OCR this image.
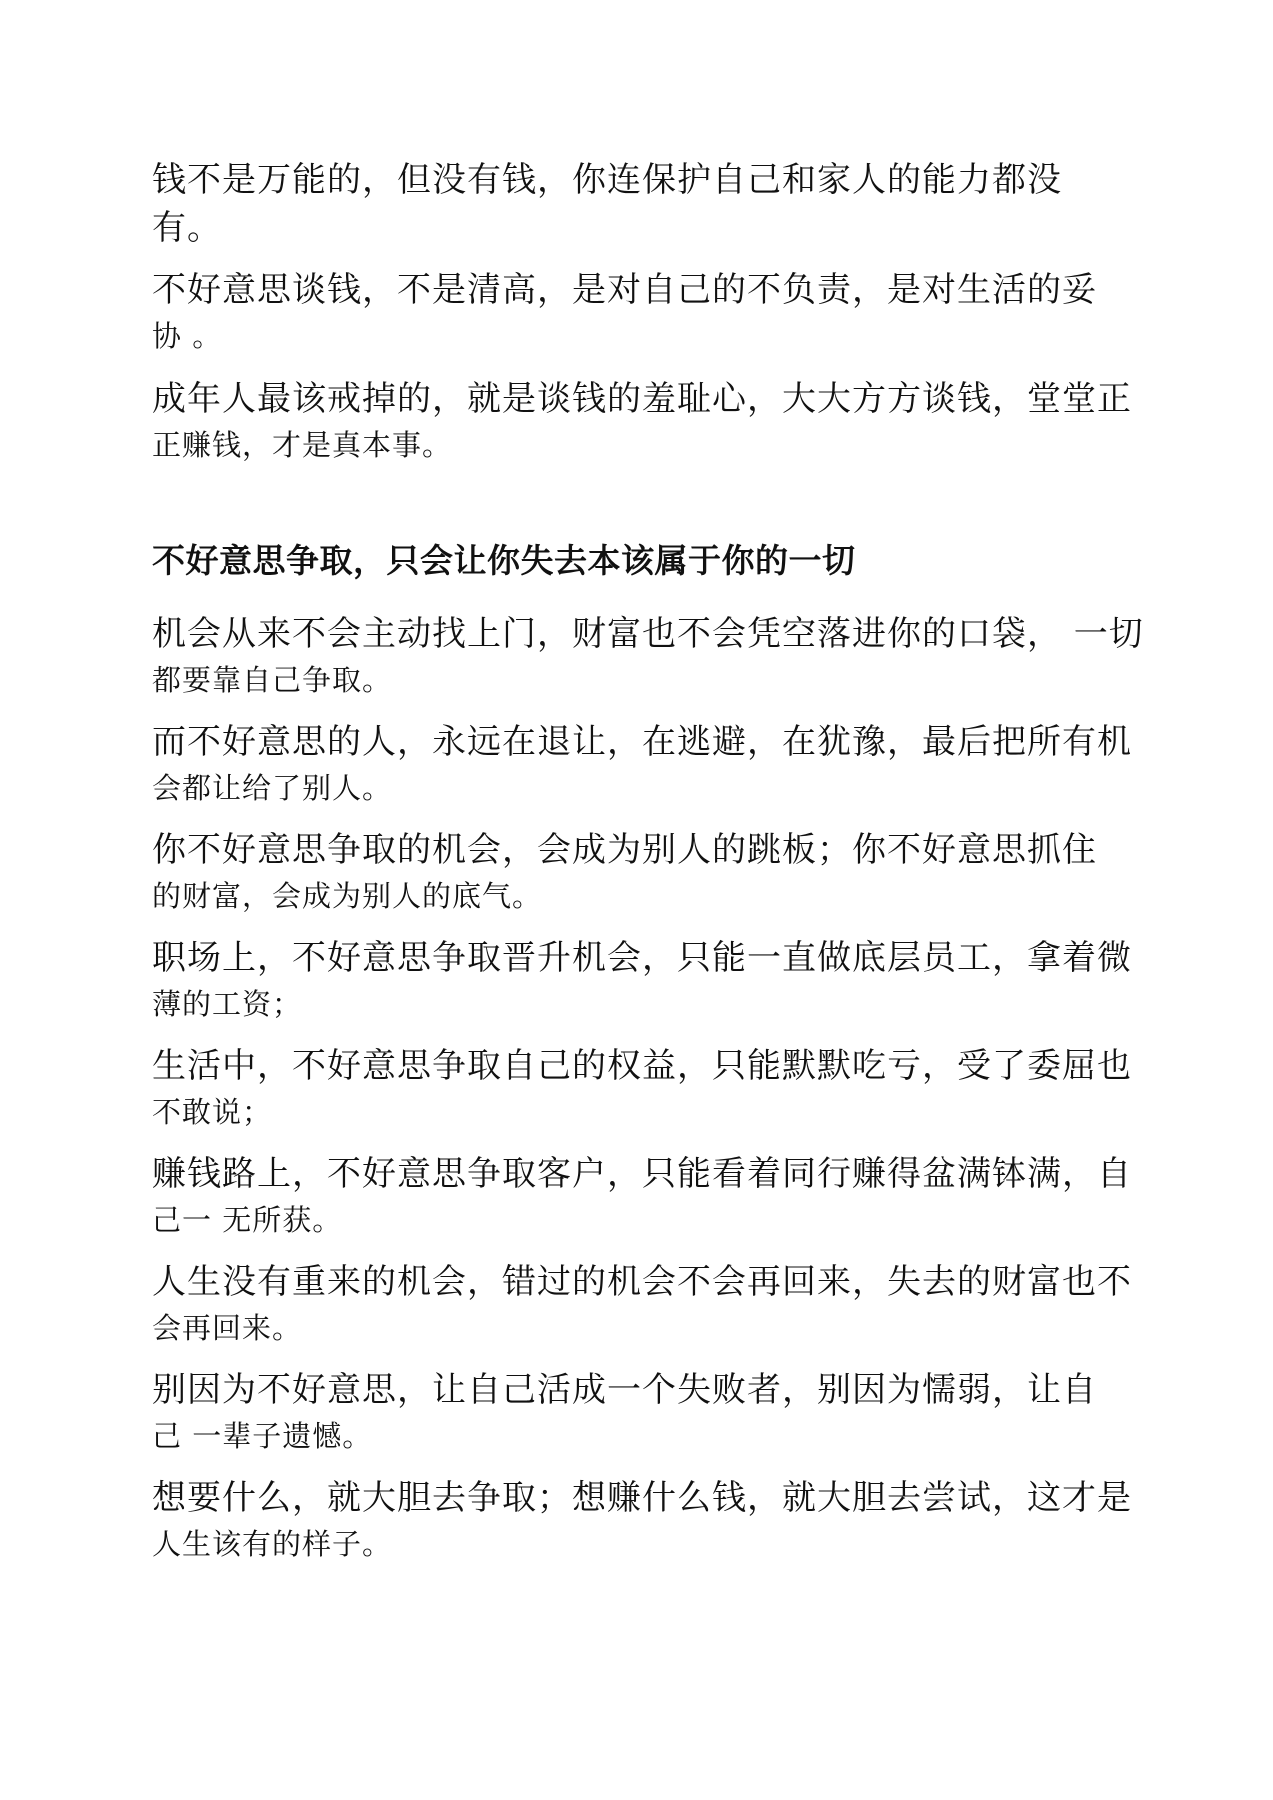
钱不是万能的，但没有钱，你连保护自己和家人的能力都没
有。
不好意思谈钱，不是清高，是对自己的不负责，是对生活的妥
协 。
成年人最该戒掉的，就是谈钱的羞耻心，大大方方谈钱，堂堂正
正赚钱，才是真本事。
不好意思争取，只会让你失去本该属于你的一切
机会从来不会主动找上门，财富也不会凭空落进你的口袋， 一切
都要靠自己争取。
而不好意思的人，永远在退让，在逃避，在犹豫，最后把所有机
会都让给了别人。
你不好意思争取的机会，会成为别人的跳板；你不好意思抓住
的财富，会成为别人的底气。
职场上，不好意思争取晋升机会，只能一直做底层员工，拿着微
薄的工资；
生活中，不好意思争取自己的权益，只能默默吃亏，受了委屈也
不敢说；
赚钱路上，不好意思争取客户，只能看着同行赚得盆满钵满，自
己一 无所获。
人生没有重来的机会，错过的机会不会再回来，失去的财富也不
会再回来。
别因为不好意思，让自己活成一个失败者，别因为懦弱，让自
己 一辈子遗憾。
想要什么，就大胆去争取；想赚什么钱，就大胆去尝试，这才是
人生该有的样子。
